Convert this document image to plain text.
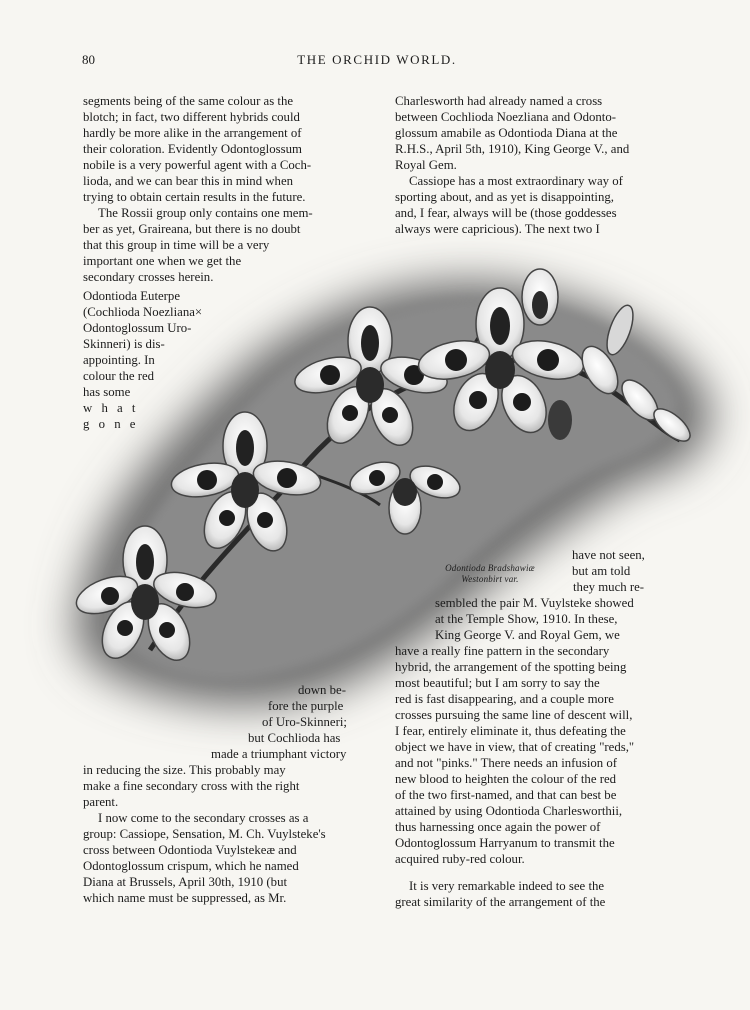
80	THE ORCHID WORLD.
Odontioda Bradshawiæ
Westonbirt var.
segments being of the same colour as the
blotch; in fact, two different hybrids could
hardly be more alike in the arrangement of
their coloration. Evidently Odontoglossum
nobile is a very powerful agent with a Coch-
lioda, and we can bear this in mind when
trying to obtain certain results in the future.
The Rossii group only contains one mem-
ber as yet, Graireana, but there is no doubt
that this group in time will be a very
important one when we get the
secondary crosses herein.
Odontioda Euterpe
(Cochlioda Noezliana×
Odontoglossum Uro-
Skinneri) is dis-
appointing. In
colour the red
has some
w h a t
g o n e
down be-
fore the purple
of Uro-Skinneri;
but Cochlioda has
made a triumphant victory
in reducing the size. This probably may
make a fine secondary cross with the right
parent.
I now come to the secondary crosses as a
group: Cassiope, Sensation, M. Ch. Vuylsteke's
cross between Odontioda Vuylstekeæ and
Odontoglossum crispum, which he named
Diana at Brussels, April 30th, 1910 (but
which name must be suppressed, as Mr.
Charlesworth had already named a cross
between Cochlioda Noezliana and Odonto-
glossum amabile as Odontioda Diana at the
R.H.S., April 5th, 1910), King George V., and
Royal Gem.
Cassiope has a most extraordinary way of
sporting about, and as yet is disappointing,
and, I fear, always will be (those goddesses
always were capricious). The next two I
have not seen,
but am told
they much re-
sembled the pair M. Vuylsteke showed
at the Temple Show, 1910. In these,
King George V. and Royal Gem, we
have a really fine pattern in the secondary
hybrid, the arrangement of the spotting being
most beautiful; but I am sorry to say the
red is fast disappearing, and a couple more
crosses pursuing the same line of descent will,
I fear, entirely eliminate it, thus defeating the
object we have in view, that of creating "reds,"
and not "pinks." There needs an infusion of
new blood to heighten the colour of the red
of the two first-named, and that can best be
attained by using Odontioda Charlesworthii,
thus harnessing once again the power of
Odontoglossum Harryanum to transmit the
acquired ruby-red colour.
It is very remarkable indeed to see the
great similarity of the arrangement of the
